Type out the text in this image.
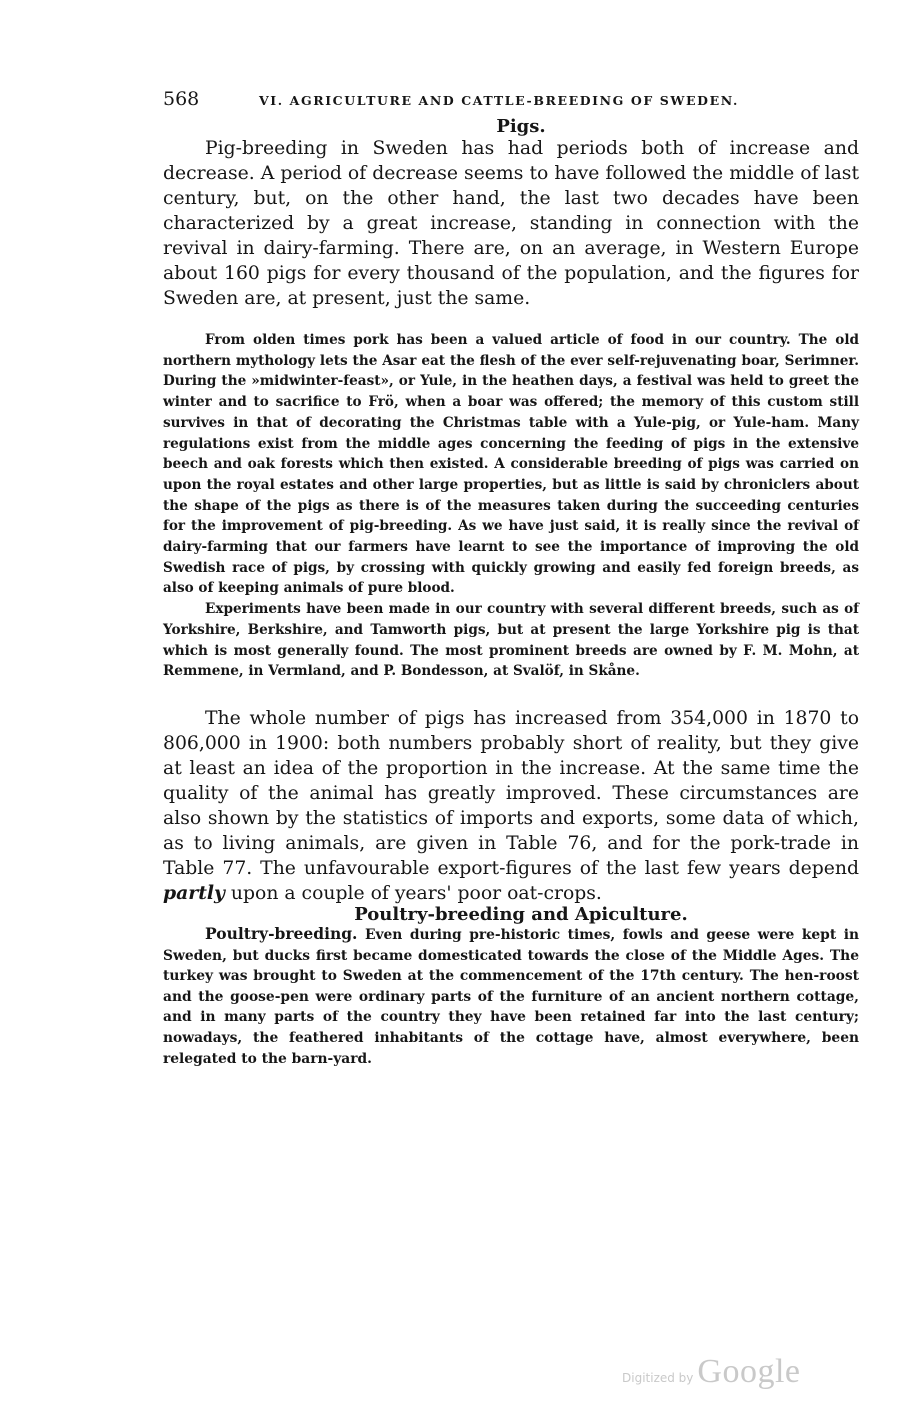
568	VI. AGRICULTURE AND CATTLE-BREEDING OF SWEDEN.
Pigs.

Pig-breeding in Sweden has had periods both of increase and decrease. A period of decrease seems to have followed the middle of last century, but, on the other hand, the last two decades have been characterized by a great increase, standing in connection with the revival in dairy-farming. There are, on an average, in Western Europe about 160 pigs for every thousand of the population, and the figures for Sweden are, at present, just the same.

From olden times pork has been a valued article of food in our country. The old northern mythology lets the Asar eat the flesh of the ever self-rejuvenating boar, Serimner. During the »midwinter-feast», or Yule, in the heathen days, a festival was held to greet the winter and to sacrifice to Frö, when a boar was offered; the memory of this custom still survives in that of decorating the Christmas table with a Yule-pig, or Yule-ham. Many regulations exist from the middle ages concerning the feeding of pigs in the extensive beech and oak forests which then existed. A considerable breeding of pigs was carried on upon the royal estates and other large properties, but as little is said by chroniclers about the shape of the pigs as there is of the measures taken during the succeeding centuries for the improvement of pig-breeding. As we have just said, it is really since the revival of dairy-farming that our farmers have learnt to see the importance of improving the old Swedish race of pigs, by crossing with quickly growing and easily fed foreign breeds, as also of keeping animals of pure blood.

Experiments have been made in our country with several different breeds, such as of Yorkshire, Berkshire, and Tamworth pigs, but at present the large Yorkshire pig is that which is most generally found. The most prominent breeds are owned by F. M. Mohn, at Remmene, in Vermland, and P. Bondesson, at Svalöf, in Skåne.

The whole number of pigs has increased from 354,000 in 1870 to 806,000 in 1900: both numbers probably short of reality, but they give at least an idea of the proportion in the increase. At the same time the quality of the animal has greatly improved. These circumstances are also shown by the statistics of imports and exports, some data of which, as to living animals, are given in Table 76, and for the pork-trade in Table 77. The unfavourable export-figures of the last few years depend partly upon a couple of years' poor oat-crops.

Poultry-breeding and Apiculture.

Poultry-breeding. Even during pre-historic times, fowls and geese were kept in Sweden, but ducks first became domesticated towards the close of the Middle Ages. The turkey was brought to Sweden at the commencement of the 17th century. The hen-roost and the goose-pen were ordinary parts of the furniture of an ancient northern cottage, and in many parts of the country they have been retained far into the last century; nowadays, the feathered inhabitants of the cottage have, almost everywhere, been relegated to the barn-yard.

Digitized by Google
